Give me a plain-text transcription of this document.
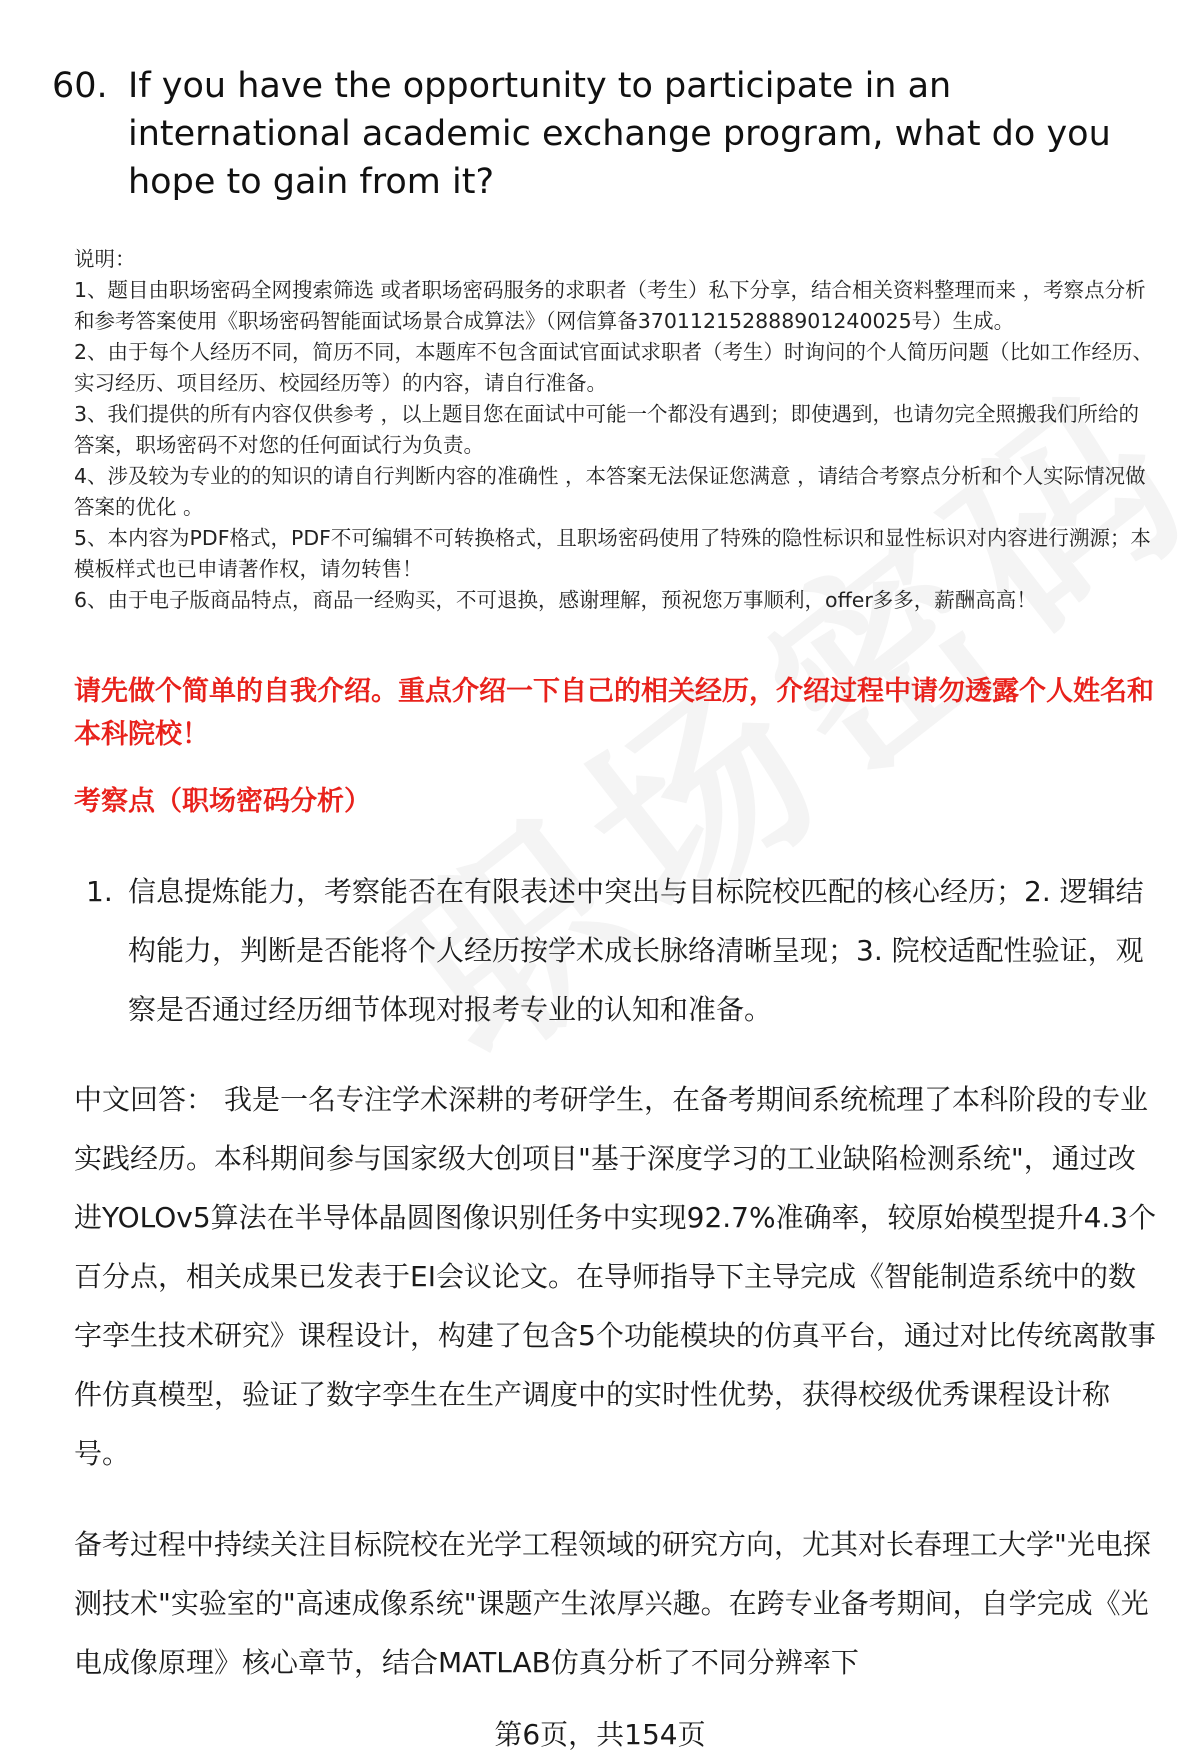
60. If you have the opportunity to participate in an international academic exchange program, what do you hope to gain from it?
说明：
1、题目由职场密码全网搜索筛选 或者职场密码服务的求职者（考生）私下分享，结合相关资料整理而来 ，考察点分析和参考答案使用《职场密码智能面试场景合成算法》（网信算备370112152888901240025号）生成。
2、由于每个人经历不同，简历不同，本题库不包含面试官面试求职者（考生）时询问的个人简历问题（比如工作经历、实习经历、项目经历、校园经历等）的内容，请自行准备。
3、我们提供的所有内容仅供参考 ，以上题目您在面试中可能一个都没有遇到；即使遇到，也请勿完全照搬我们所给的答案，职场密码不对您的任何面试行为负责。
4、涉及较为专业的的知识的请自行判断内容的准确性 ，本答案无法保证您满意 ，请结合考察点分析和个人实际情况做答案的优化 。
5、本内容为PDF格式，PDF不可编辑不可转换格式，且职场密码使用了特殊的隐性标识和显性标识对内容进行溯源；本模板样式也已申请著作权，请勿转售！
6、由于电子版商品特点，商品一经购买，不可退换，感谢理解，预祝您万事顺利，offer多多，薪酬高高！
请先做个简单的自我介绍。重点介绍一下自己的相关经历，介绍过程中请勿透露个人姓名和本科院校！
考察点（职场密码分析）
1. 信息提炼能力，考察能否在有限表述中突出与目标院校匹配的核心经历；2. 逻辑结构能力，判断是否能将个人经历按学术成长脉络清晰呈现；3. 院校适配性验证，观察是否通过经历细节体现对报考专业的认知和准备。
中文回答： 我是一名专注学术深耕的考研学生，在备考期间系统梳理了本科阶段的专业实践经历。本科期间参与国家级大创项目"基于深度学习的工业缺陷检测系统"，通过改进YOLOv5算法在半导体晶圆图像识别任务中实现92.7%准确率，较原始模型提升4.3个百分点，相关成果已发表于EI会议论文。在导师指导下主导完成《智能制造系统中的数字孪生技术研究》课程设计，构建了包含5个功能模块的仿真平台，通过对比传统离散事件仿真模型，验证了数字孪生在生产调度中的实时性优势，获得校级优秀课程设计称号。
备考过程中持续关注目标院校在光学工程领域的研究方向，尤其对长春理工大学"光电探测技术"实验室的"高速成像系统"课题产生浓厚兴趣。在跨专业备考期间，自学完成《光电成像原理》核心章节，结合MATLAB仿真分析了不同分辨率下
第6页，共154页
